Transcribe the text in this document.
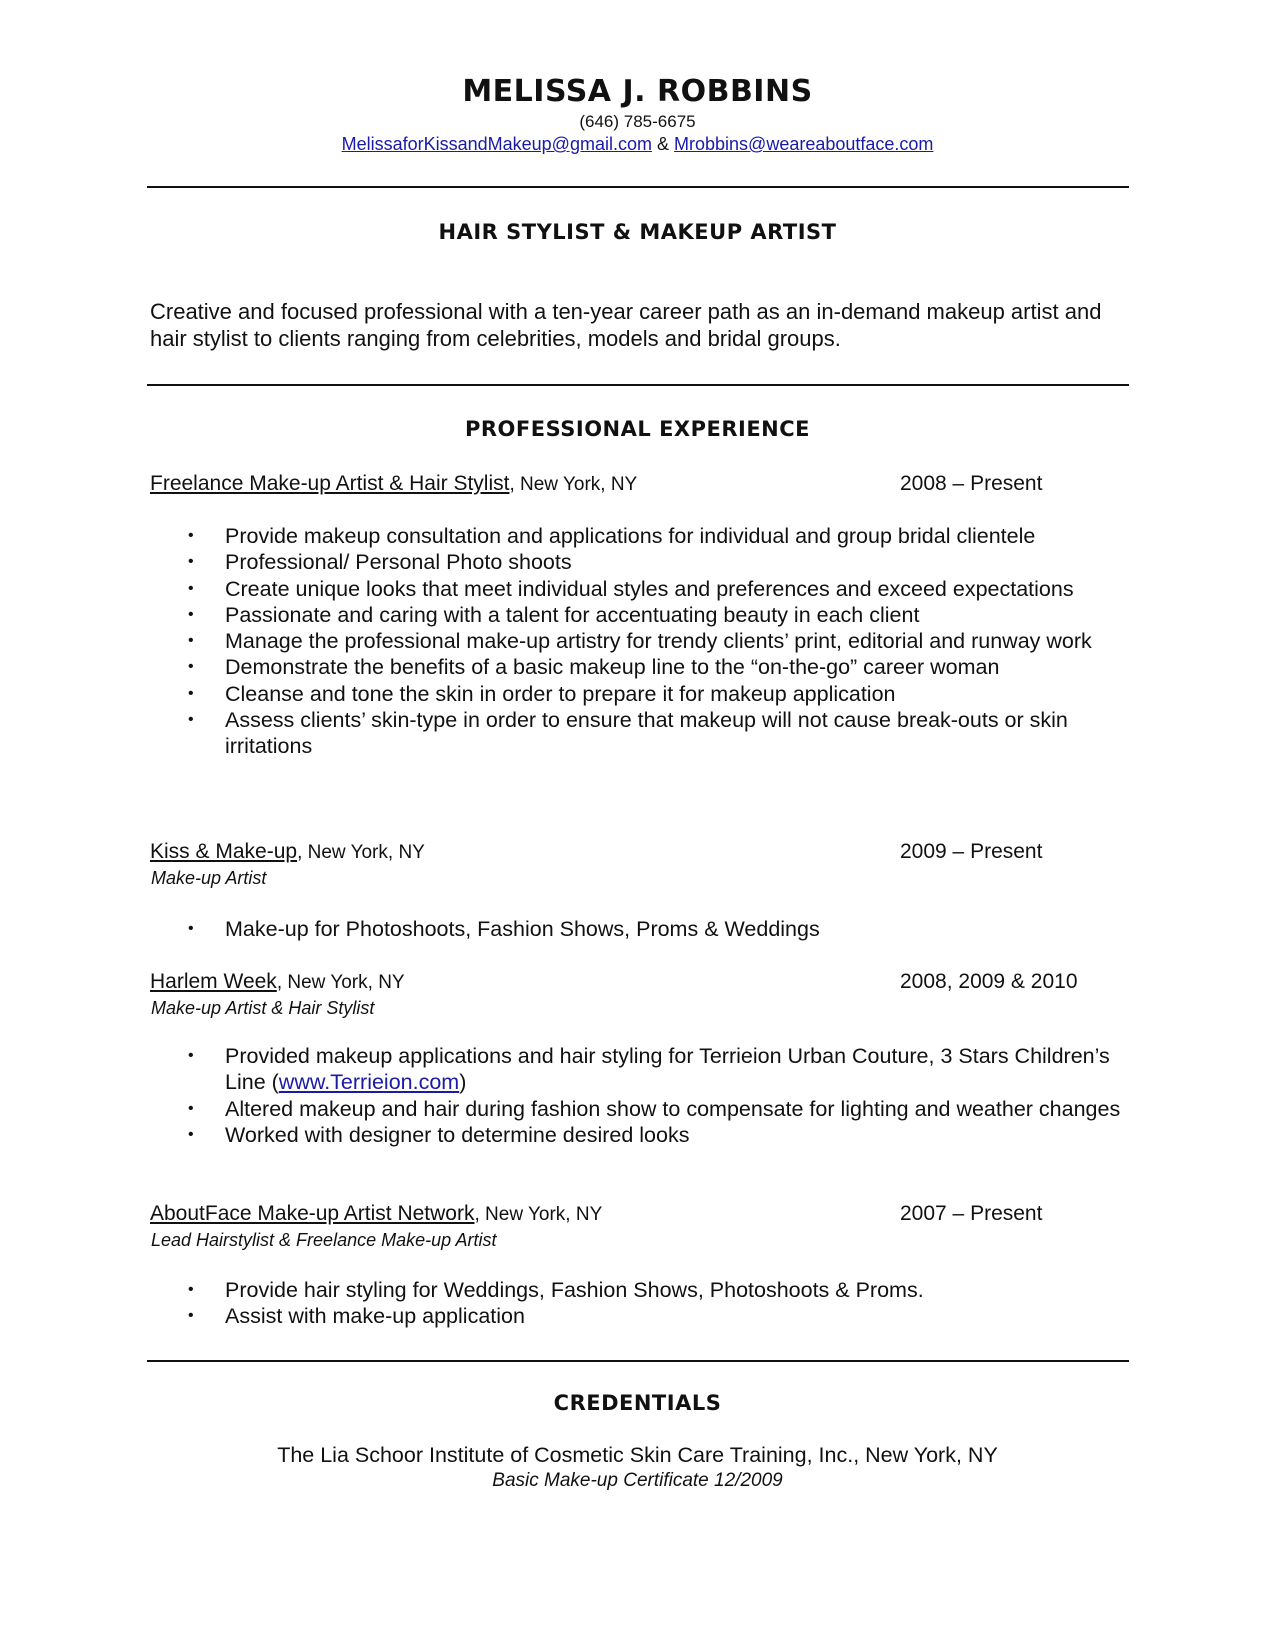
MELISSA J. ROBBINS
(646) 785-6675
MelissaforKissandMakeup@gmail.com & Mrobbins@weareaboutface.com
HAIR STYLIST & MAKEUP ARTIST
Creative and focused professional with a ten-year career path as an in-demand makeup artist and hair stylist to clients ranging from celebrities, models and bridal groups.
PROFESSIONAL EXPERIENCE
Freelance Make-up Artist & Hair Stylist, New York, NY	2008 – Present
• Provide makeup consultation and applications for individual and group bridal clientele
• Professional/ Personal Photo shoots
• Create unique looks that meet individual styles and preferences and exceed expectations
• Passionate and caring with a talent for accentuating beauty in each client
• Manage the professional make-up artistry for trendy clients’ print, editorial and runway work
• Demonstrate the benefits of a basic makeup line to the “on-the-go” career woman
• Cleanse and tone the skin in order to prepare it for makeup application
• Assess clients’ skin-type in order to ensure that makeup will not cause break-outs or skin irritations
Kiss & Make-up, New York, NY	2009 – Present
Make-up Artist
• Make-up for Photoshoots, Fashion Shows, Proms & Weddings
Harlem Week, New York, NY	2008, 2009 & 2010
Make-up Artist & Hair Stylist
• Provided makeup applications and hair styling for Terrieion Urban Couture, 3 Stars Children’s Line (www.Terrieion.com)
• Altered makeup and hair during fashion show to compensate for lighting and weather changes
• Worked with designer to determine desired looks
AboutFace Make-up Artist Network, New York, NY	2007 – Present
Lead Hairstylist & Freelance Make-up Artist
• Provide hair styling for Weddings, Fashion Shows, Photoshoots & Proms.
• Assist with make-up application
CREDENTIALS
The Lia Schoor Institute of Cosmetic Skin Care Training, Inc., New York, NY
Basic Make-up Certificate 12/2009
